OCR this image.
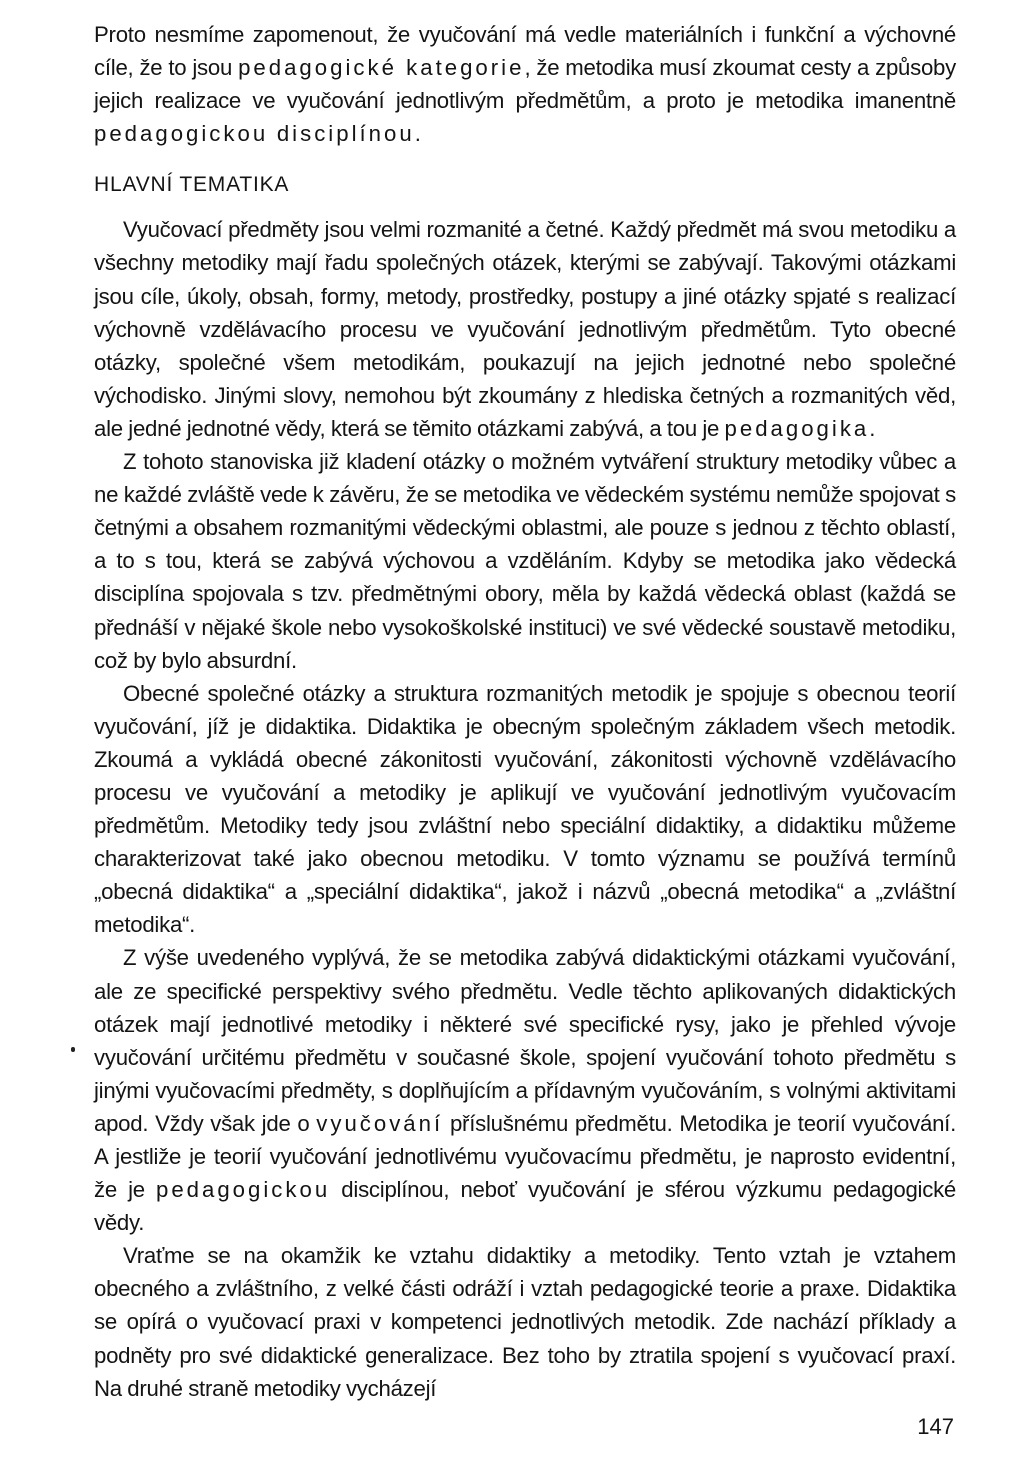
Proto nesmíme zapomenout, že vyučování má vedle materiálních i funkční a výchovné cíle, že to jsou pedagogické kategorie, že metodika musí zkoumat cesty a způsoby jejich realizace ve vyučování jednotlivým předmětům, a proto je metodika imanentně pedagogickou disciplínou.

HLAVNÍ TEMATIKA

Vyučovací předměty jsou velmi rozmanité a četné. Každý předmět má svou metodiku a všechny metodiky mají řadu společných otázek, kterými se zabývají. Takovými otázkami jsou cíle, úkoly, obsah, formy, metody, prostředky, postupy a jiné otázky spjaté s realizací výchovně vzdělávacího procesu ve vyučování jednotlivým předmětům. Tyto obecné otázky, společné všem metodikám, poukazují na jejich jednotné nebo společné východisko. Jinými slovy, nemohou být zkoumány z hlediska četných a rozmanitých věd, ale jedné jednotné vědy, která se těmito otázkami zabývá, a tou je pedagogika.

Z tohoto stanoviska již kladení otázky o možném vytváření struktury metodiky vůbec a ne každé zvláště vede k závěru, že se metodika ve vědeckém systému nemůže spojovat s četnými a obsahem rozmanitými vědeckými oblastmi, ale pouze s jednou z těchto oblastí, a to s tou, která se zabývá výchovou a vzděláním. Kdyby se metodika jako vědecká disciplína spojovala s tzv. předmětnými obory, měla by každá vědecká oblast (každá se přednáší v nějaké škole nebo vysokoškolské instituci) ve své vědecké soustavě metodiku, což by bylo absurdní.

Obecné společné otázky a struktura rozmanitých metodik je spojuje s obecnou teorií vyučování, jíž je didaktika. Didaktika je obecným společným základem všech metodik. Zkoumá a vykládá obecné zákonitosti vyučování, zákonitosti výchovně vzdělávacího procesu ve vyučování a metodiky je aplikují ve vyučování jednotlivým vyučovacím předmětům. Metodiky tedy jsou zvláštní nebo speciální didaktiky, a didaktiku můžeme charakterizovat také jako obecnou metodiku. V tomto významu se používá termínů „obecná didaktika“ a „speciální didaktika“, jakož i názvů „obecná metodika“ a „zvláštní metodika“.

Z výše uvedeného vyplývá, že se metodika zabývá didaktickými otázkami vyučování, ale ze specifické perspektivy svého předmětu. Vedle těchto aplikovaných didaktických otázek mají jednotlivé metodiky i některé své specifické rysy, jako je přehled vývoje vyučování určitému předmětu v současné škole, spojení vyučování tohoto předmětu s jinými vyučovacími předměty, s doplňujícím a přídavným vyučováním, s volnými aktivitami apod. Vždy však jde o vyučování příslušnému předmětu. Metodika je teorií vyučování. A jestliže je teorií vyučování jednotlivému vyučovacímu předmětu, je naprosto evidentní, že je pedagogickou disciplínou, neboť vyučování je sférou výzkumu pedagogické vědy.

Vraťme se na okamžik ke vztahu didaktiky a metodiky. Tento vztah je vztahem obecného a zvláštního, z velké části odráží i vztah pedagogické teorie a praxe. Didaktika se opírá o vyučovací praxi v kompetenci jednotlivých metodik. Zde nachází příklady a podněty pro své didaktické generalizace. Bez toho by ztratila spojení s vyučovací praxí. Na druhé straně metodiky vycházejí

147
